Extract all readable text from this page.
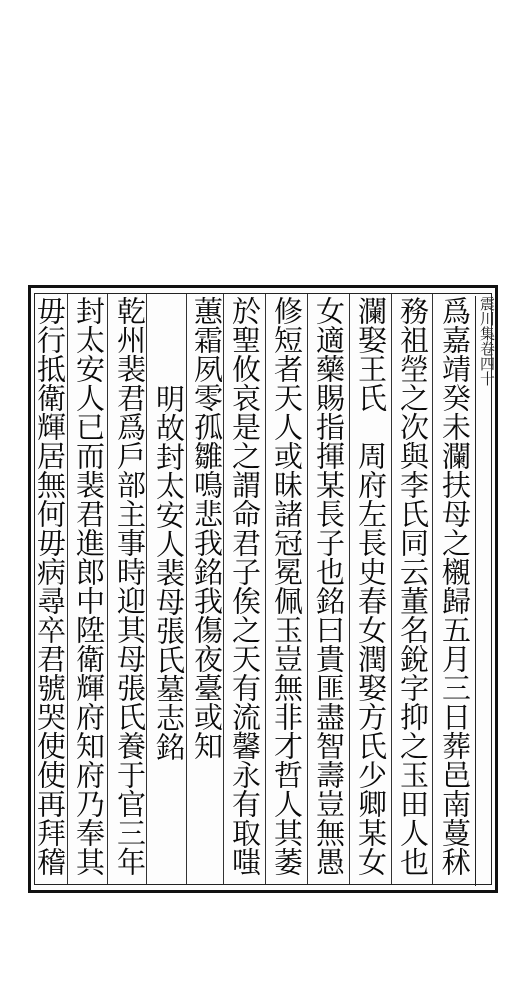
震川集卷四十
爲嘉靖癸未瀾扶母之櫬歸五月三日葬邑南蔓秫
務祖塋之次與李氏同云董名銳字抑之玉田人也
瀾娶王氏　周府左長史春女潤娶方氏少卿某女
女適藥賜指揮某長子也銘曰貴匪盡智壽豈無愚
修短者天人或昧諸冠冕佩玉豈無非才哲人其萎
於聖攸哀是之謂命君子俟之天有流馨永有取嗤
蕙霜夙零孤雛鳴悲我銘我傷夜臺或知
明故封太安人裴母張氏墓志銘
乾州裴君爲戶部主事時迎其母張氏養于官三年
封太安人已而裴君進郎中陞衛輝府知府乃奉其
毋行抵衛輝居無何毋病尋卒君號哭使使再拜稽
